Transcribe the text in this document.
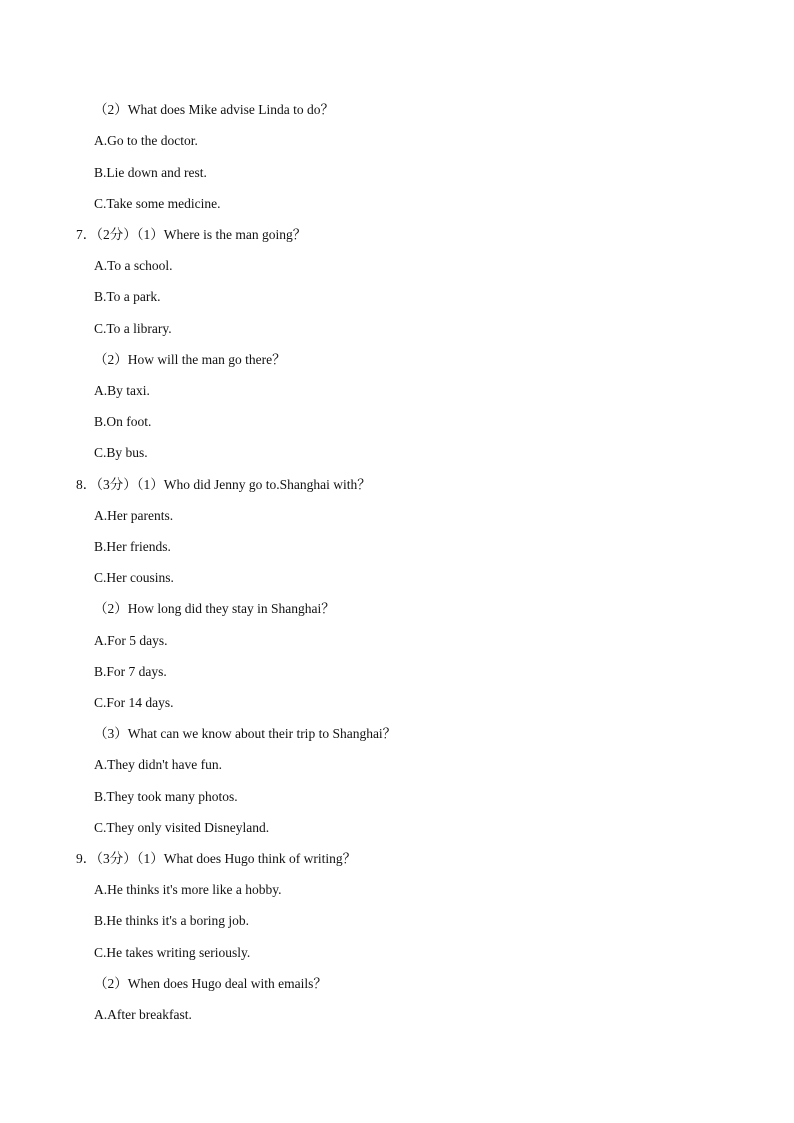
（2）What does Mike advise Linda to do？
A.Go to the doctor.
B.Lie down and rest.
C.Take some medicine.
7．（2分）（1）Where is the man going？
A.To a school.
B.To a park.
C.To a library.
（2）How will the man go there？
A.By taxi.
B.On foot.
C.By bus.
8．（3分）（1）Who did Jenny go to.Shanghai with？
A.Her parents.
B.Her friends.
C.Her cousins.
（2）How long did they stay in Shanghai？
A.For 5 days.
B.For 7 days.
C.For 14 days.
（3）What can we know about their trip to Shanghai？
A.They didn't have fun.
B.They took many photos.
C.They only visited Disneyland.
9．（3分）（1）What does Hugo think of writing？
A.He thinks it's more like a hobby.
B.He thinks it's a boring job.
C.He takes writing seriously.
（2）When does Hugo deal with emails？
A.After breakfast.
